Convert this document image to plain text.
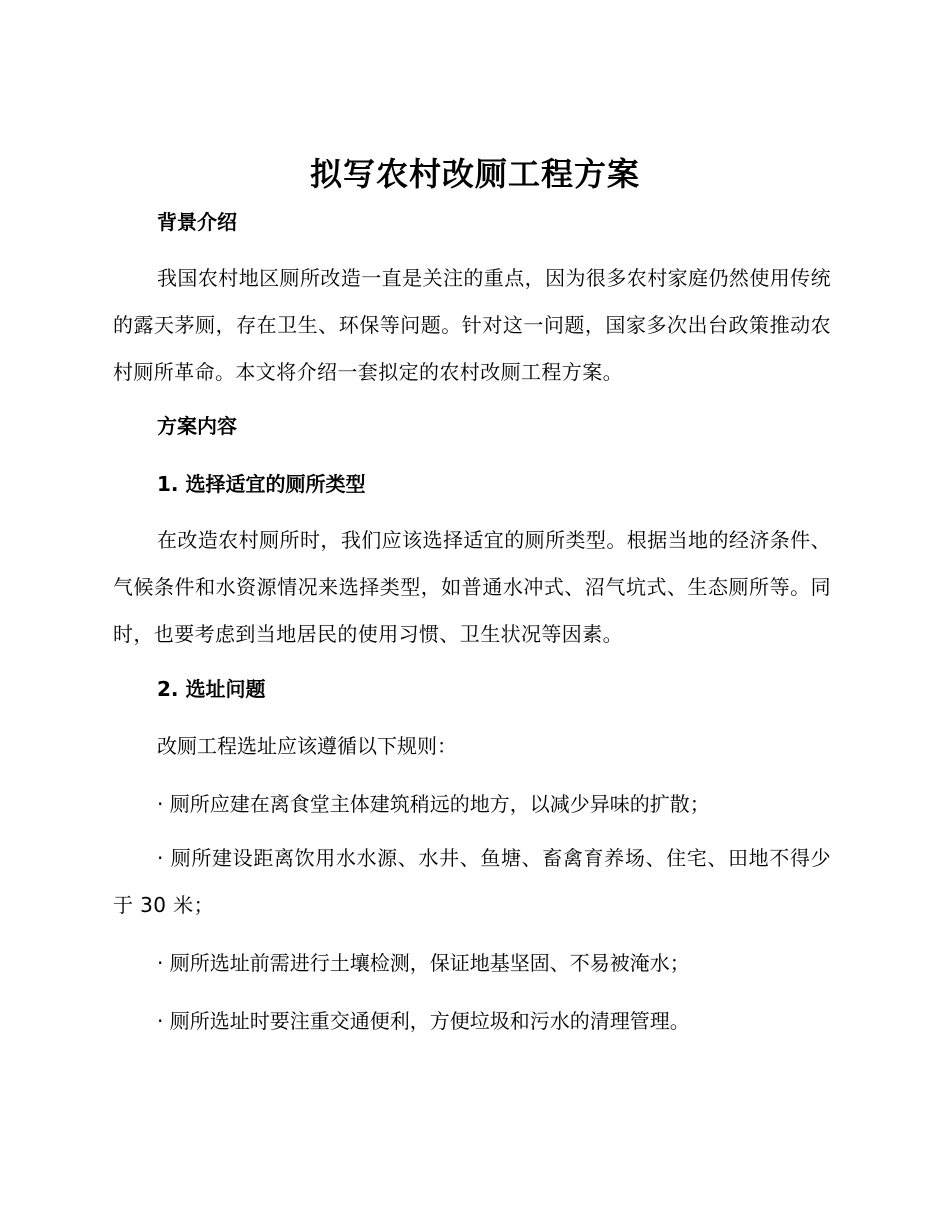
拟写农村改厕工程方案
背景介绍

我国农村地区厕所改造一直是关注的重点，因为很多农村家庭仍然使用传统的露天茅厕，存在卫生、环保等问题。针对这一问题，国家多次出台政策推动农村厕所革命。本文将介绍一套拟定的农村改厕工程方案。

方案内容
1. 选择适宜的厕所类型

在改造农村厕所时，我们应该选择适宜的厕所类型。根据当地的经济条件、气候条件和水资源情况来选择类型，如普通水冲式、沼气坑式、生态厕所等。同时，也要考虑到当地居民的使用习惯、卫生状况等因素。

2. 选址问题
改厕工程选址应该遵循以下规则：
· 厕所应建在离食堂主体建筑稍远的地方，以减少异味的扩散；

· 厕所建设距离饮用水水源、水井、鱼塘、畜禽育养场、住宅、田地不得少于 30 米；

· 厕所选址前需进行土壤检测，保证地基坚固、不易被淹水；
· 厕所选址时要注重交通便利，方便垃圾和污水的清理管理。
